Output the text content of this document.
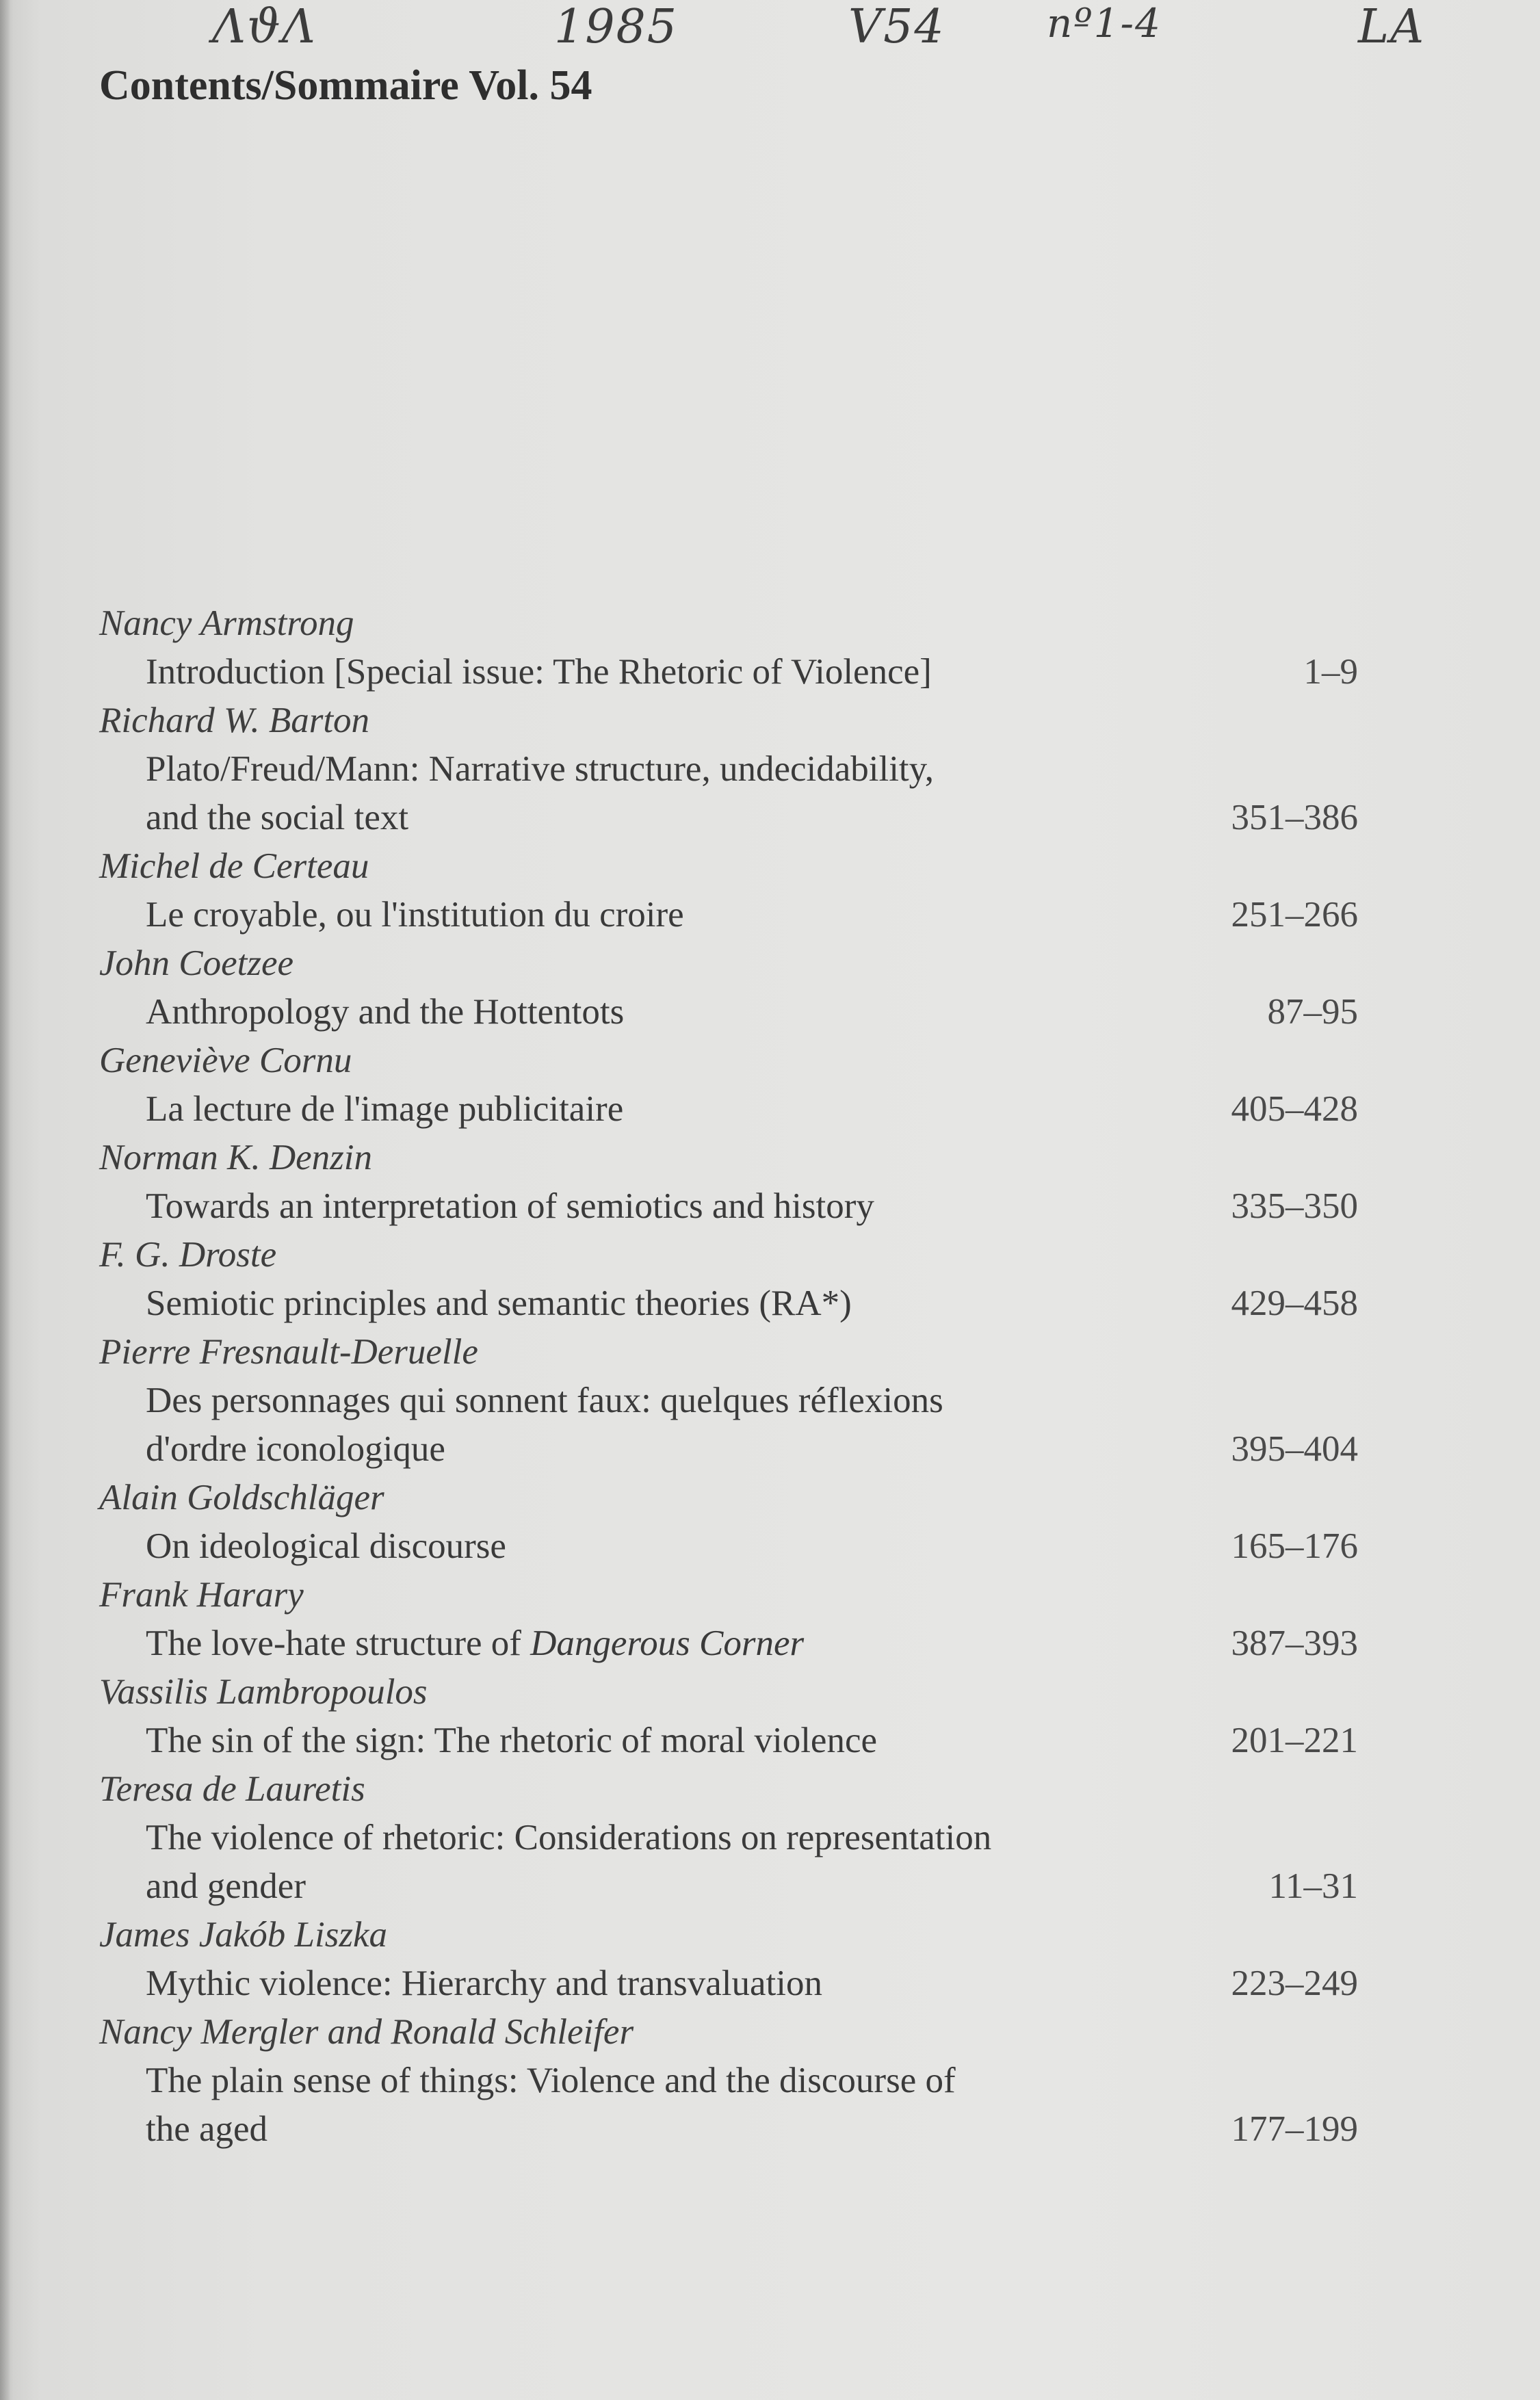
ΛϑΛ	1985	V54	nº1-4	LA
Contents/Sommaire Vol. 54
Nancy Armstrong
Introduction [Special issue: The Rhetoric of Violence]	1–9
Richard W. Barton
Plato/Freud/Mann: Narrative structure, undecidability,
and the social text	351–386
Michel de Certeau
Le croyable, ou l'institution du croire	251–266
John Coetzee
Anthropology and the Hottentots	87–95
Geneviève Cornu
La lecture de l'image publicitaire	405–428
Norman K. Denzin
Towards an interpretation of semiotics and history	335–350
F. G. Droste
Semiotic principles and semantic theories (RA*)	429–458
Pierre Fresnault-Deruelle
Des personnages qui sonnent faux: quelques réflexions
d'ordre iconologique	395–404
Alain Goldschläger
On ideological discourse	165–176
Frank Harary
The love-hate structure of Dangerous Corner	387–393
Vassilis Lambropoulos
The sin of the sign: The rhetoric of moral violence	201–221
Teresa de Lauretis
The violence of rhetoric: Considerations on representation
and gender	11–31
James Jakób Liszka
Mythic violence: Hierarchy and transvaluation	223–249
Nancy Mergler and Ronald Schleifer
The plain sense of things: Violence and the discourse of
the aged	177–199
